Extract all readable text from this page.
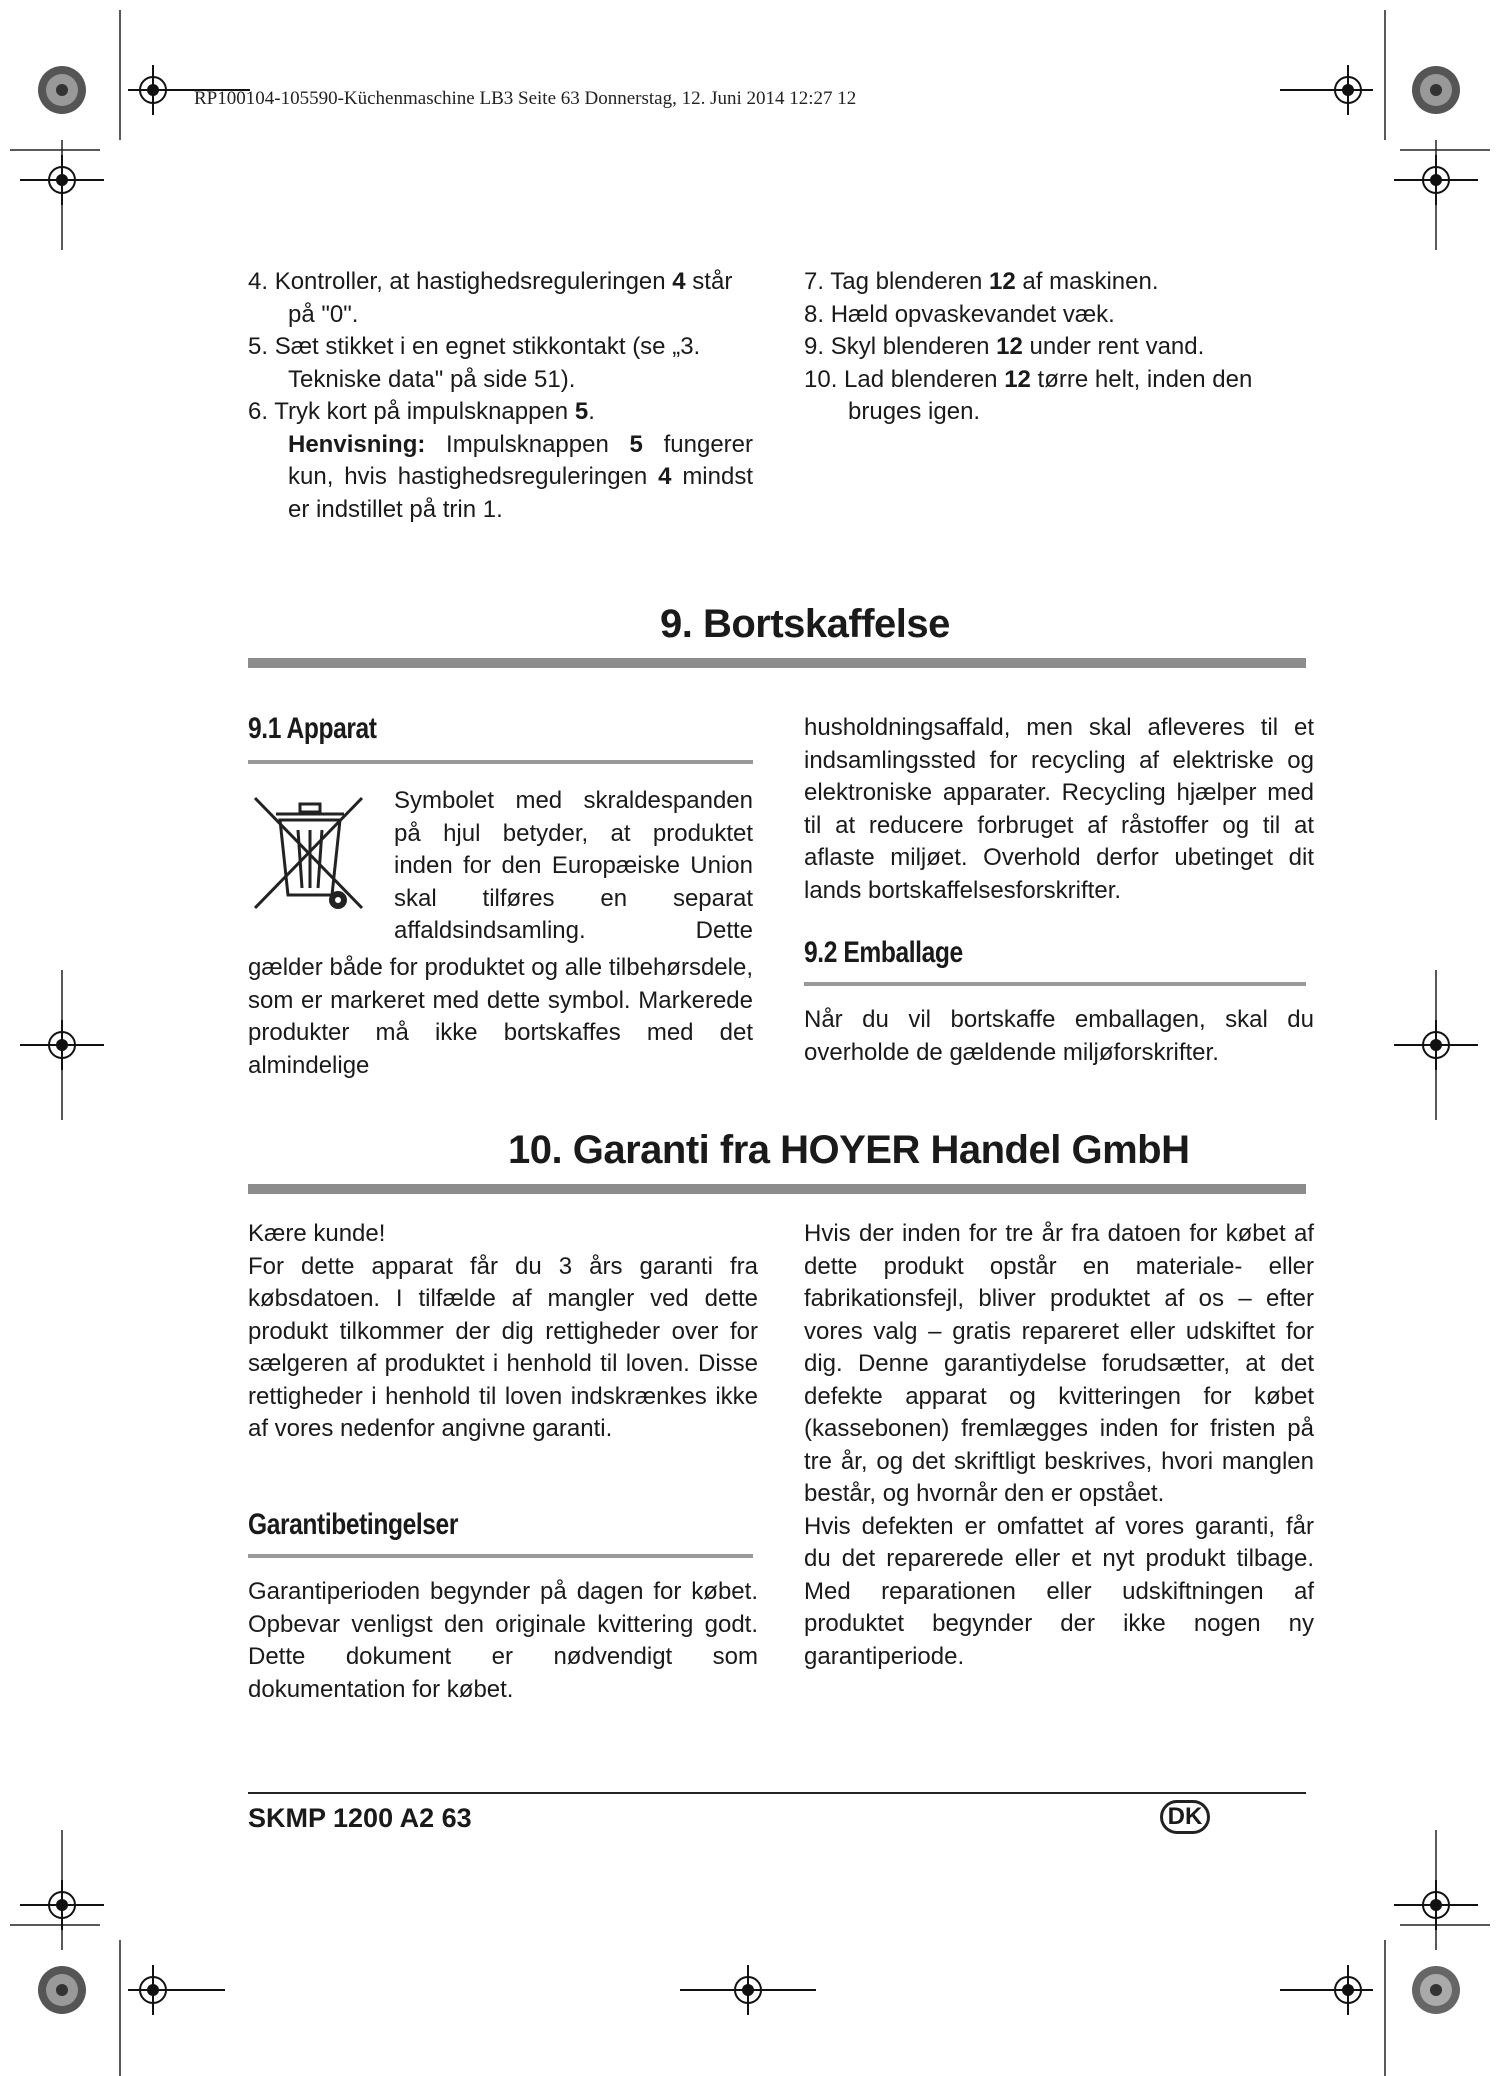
RP100104-105590-Küchenmaschine LB3 Seite 63 Donnerstag, 12. Juni 2014 12:27 12

4. Kontroller, at hastighedsreguleringen 4 står på "0".

5. Sæt stikket i en egnet stikkontakt (se „3. Tekniske data" på side 51).

6. Tryk kort på impulsknappen 5.

Henvisning: Impulsknappen 5 fungerer kun, hvis hastighedsreguleringen 4 mindst er indstillet på trin 1.

7. Tag blenderen 12 af maskinen.

8. Hæld opvaskevandet væk.

9. Skyl blenderen 12 under rent vand.

10. Lad blenderen 12 tørre helt, inden den bruges igen.

9. Bortskaffelse
9.1 Apparat
Symbolet med skraldespanden på hjul betyder, at produktet inden for den Europæiske Union skal tilføres en separat affaldsindsamling. Dette
gælder både for produktet og alle tilbehørsdele, som er markeret med dette symbol. Markerede produkter må ikke bortskaffes med det almindelige
husholdningsaffald, men skal afleveres til et indsamlingssted for recycling af elektriske og elektroniske apparater. Recycling hjælper med til at reducere forbruget af råstoffer og til at aflaste miljøet. Overhold derfor ubetinget dit lands bortskaffelsesforskrifter.
9.2 Emballage
Når du vil bortskaffe emballagen, skal du overholde de gældende miljøforskrifter.
10. Garanti fra HOYER Handel GmbH

Kære kunde!

For dette apparat får du 3 års garanti fra købsdatoen. I tilfælde af mangler ved dette produkt tilkommer der dig rettigheder over for sælgeren af produktet i henhold til loven. Disse rettigheder i henhold til loven indskrænkes ikke af vores nedenfor angivne garanti.

Garantibetingelser
Garantiperioden begynder på dagen for købet. Opbevar venligst den originale kvittering godt. Dette dokument er nødvendigt som dokumentation for købet.

Hvis der inden for tre år fra datoen for købet af dette produkt opstår en materiale- eller fabrikationsfejl, bliver produktet af os – efter vores valg – gratis repareret eller udskiftet for dig. Denne garantiydelse forudsætter, at det defekte apparat og kvitteringen for købet (kassebonen) fremlægges inden for fristen på tre år, og det skriftligt beskrives, hvori manglen består, og hvornår den er opstået.

Hvis defekten er omfattet af vores garanti, får du det reparerede eller et nyt produkt tilbage. Med reparationen eller udskiftningen af produktet begynder der ikke nogen ny garantiperiode.

SKMP 1200 A2 63	DK
